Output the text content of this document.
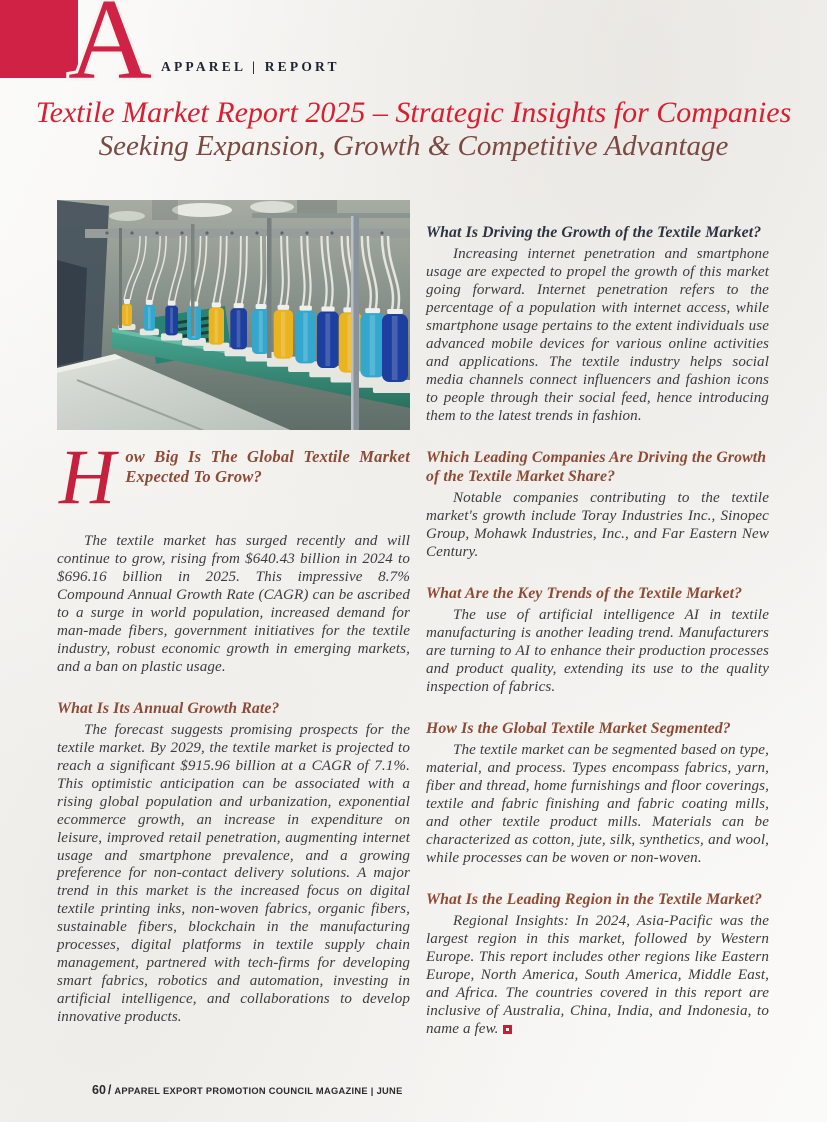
A APPAREL | REPORT
Textile Market Report 2025 – Strategic Insights for Companies
Seeking Expansion, Growth & Competitive Advantage
H ow Big Is The Global Textile Market Expected To Grow?

The textile market has surged recently and will continue to grow, rising from $640.43 billion in 2024 to $696.16 billion in 2025. This impressive 8.7% Compound Annual Growth Rate (CAGR) can be ascribed to a surge in world population, increased demand for man-made fibers, government initiatives for the textile industry, robust economic growth in emerging markets, and a ban on plastic usage.

What Is Its Annual Growth Rate?

The forecast suggests promising prospects for the textile market. By 2029, the textile market is projected to reach a significant $915.96 billion at a CAGR of 7.1%. This optimistic anticipation can be associated with a rising global population and urbanization, exponential ecommerce growth, an increase in expenditure on leisure, improved retail penetration, augmenting internet usage and smartphone prevalence, and a growing preference for non-contact delivery solutions. A major trend in this market is the increased focus on digital textile printing inks, non-woven fabrics, organic fibers, sustainable fibers, blockchain in the manufacturing processes, digital platforms in textile supply chain management, partnered with tech-firms for developing smart fabrics, robotics and automation, investing in artificial intelligence, and collaborations to develop innovative products.

What Is Driving the Growth of the Textile Market?

Increasing internet penetration and smartphone usage are expected to propel the growth of this market going forward. Internet penetration refers to the percentage of a population with internet access, while smartphone usage pertains to the extent individuals use advanced mobile devices for various online activities and applications. The textile industry helps social media channels connect influencers and fashion icons to people through their social feed, hence introducing them to the latest trends in fashion.

Which Leading Companies Are Driving the Growth of the Textile Market Share?

Notable companies contributing to the textile market's growth include Toray Industries Inc., Sinopec Group, Mohawk Industries, Inc., and Far Eastern New Century.

What Are the Key Trends of the Textile Market?

The use of artificial intelligence AI in textile manufacturing is another leading trend. Manufacturers are turning to AI to enhance their production processes and product quality, extending its use to the quality inspection of fabrics.

How Is the Global Textile Market Segmented?

The textile market can be segmented based on type, material, and process. Types encompass fabrics, yarn, fiber and thread, home furnishings and floor coverings, textile and fabric finishing and fabric coating mills, and other textile product mills. Materials can be characterized as cotton, jute, silk, synthetics, and wool, while processes can be woven or non-woven.

What Is the Leading Region in the Textile Market?

Regional Insights: In 2024, Asia-Pacific was the largest region in this market, followed by Western Europe. This report includes other regions like Eastern Europe, North America, South America, Middle East, and Africa. The countries covered in this report are inclusive of Australia, China, India, and Indonesia, to name a few.

60 / APPAREL EXPORT PROMOTION COUNCIL MAGAZINE | JUNE
